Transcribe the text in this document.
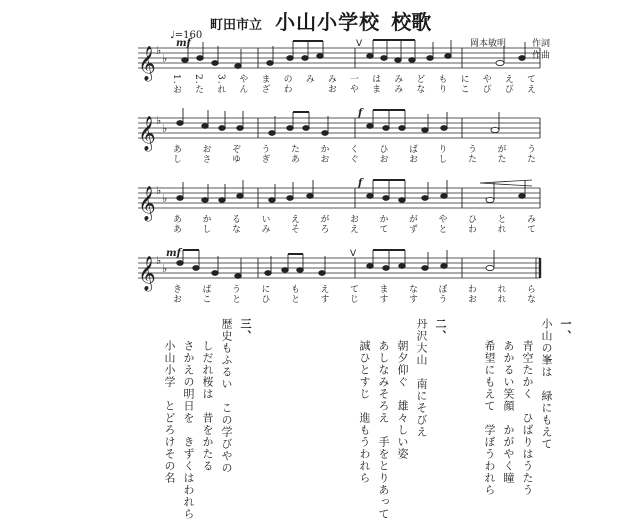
町田市立 小山小学校 校歌
岡本敏明	作詞
作曲
♩=160
𝄞
𝄞
𝄞
𝄞
♭
♭
♭
♭
♭
♭
♭
♭
mf
f
f
mf
V
V
1.お 2.た 3.れ やん まざ のわ み みお 一や はま みみ どな もり にこ やび えび てえ
あし おさ ぞゆ うぎ たあ かお くぐ ひお ばお りし うた がた うた
ああ かし るな いみ えそ がろ おえ かて がず やと ひわ とれ みて
きお ばこ うと にひ もと えす てじ ます なす ぼう わお れれ らな
一、
小山の峯は　緑にもえて
青空たかく　ひばりはうたう
あかるい笑顔　かがやく瞳
希望にもえて　学ぼうわれら
二、
丹沢大山　南にそびえ
朝夕仰ぐ　雄々しい姿
あしなみそろえ　手をとりあって
誠ひとすじ　進もうわれら
三、
歴史もふるい　この学びやの
しだれ桜は　昔をかたる
さかえの明日を　きずくはわれら
小山小学　とどろけその名
